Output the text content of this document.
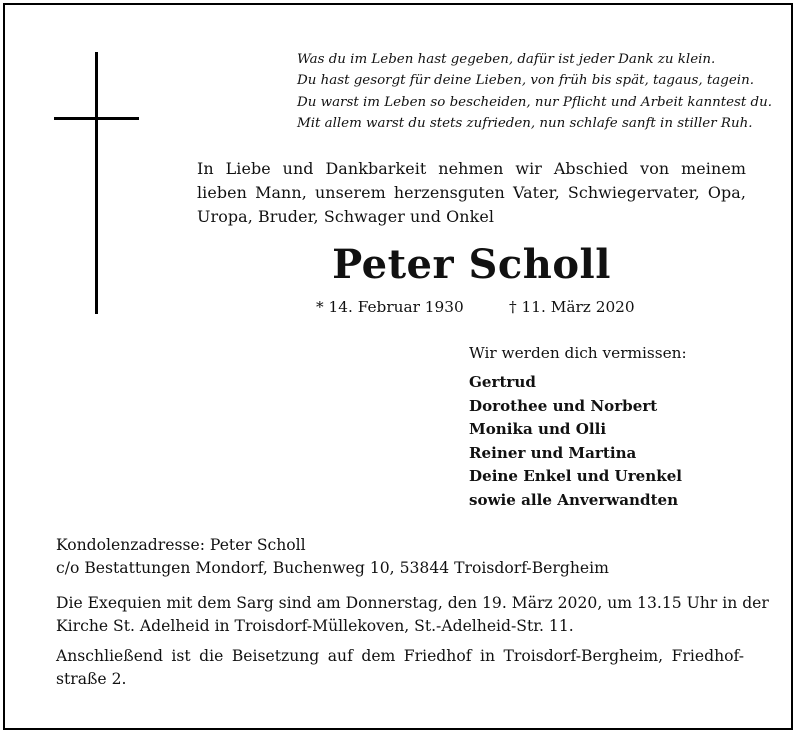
Was du im Leben hast gegeben, dafür ist jeder Dank zu klein.
Du hast gesorgt für deine Lieben, von früh bis spät, tagaus, tagein.
Du warst im Leben so bescheiden, nur Pflicht und Arbeit kanntest du.
Mit allem warst du stets zufrieden, nun schlafe sanft in stiller Ruh.
In Liebe und Dankbarkeit nehmen wir Abschied von meinem lieben Mann, unserem herzensguten Vater, Schwiegervater, Opa, Uropa, Bruder, Schwager und Onkel
Peter Scholl
* 14. Februar 1930	† 11. März 2020
Wir werden dich vermissen:
Gertrud
Dorothee und Norbert
Monika und Olli
Reiner und Martina
Deine Enkel und Urenkel
sowie alle Anverwandten
Kondolenzadresse: Peter Scholl
c/o Bestattungen Mondorf, Buchenweg 10, 53844 Troisdorf-Bergheim
Die Exequien mit dem Sarg sind am Donnerstag, den 19. März 2020, um 13.15 Uhr in der
Kirche St. Adelheid in Troisdorf-Müllekoven, St.-Adelheid-Str. 11.
Anschließend ist die Beisetzung auf dem Friedhof in Troisdorf-Bergheim, Friedhof-
straße 2.
